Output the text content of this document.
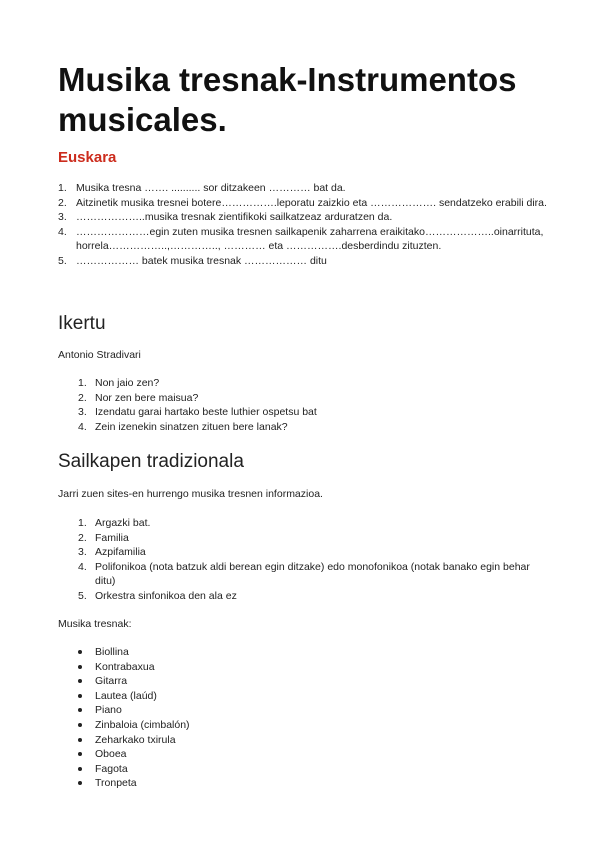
Musika tresnak-Instrumentos musicales.
Euskara
1. Musika tresna ……. .......... sor ditzakeen ………… bat da.
2. Aitzinetik musika tresnei botere…………….leporatu zaizkio eta ………………. sendatzeko erabili dira.
3. ………………..musika tresnak zientifikoki sailkatzeaz arduratzen da.
4. …………………egin zuten musika tresnen sailkapenik zaharrena eraikitako………………..oinarrituta, horrela……………..,………….., ………… eta …………….desberdindu zituzten.
5. ……………… batek musika tresnak ……………… ditu
Ikertu

Antonio Stradivari

1. Non jaio zen?
2. Nor zen bere maisua?
3. Izendatu garai hartako beste luthier ospetsu bat
4. Zein izenekin sinatzen zituen bere lanak?
Sailkapen tradizionala

Jarri zuen sites-en hurrengo musika tresnen informazioa.

1. Argazki bat.
2. Familia
3. Azpifamilia
4. Polifonikoa (nota batzuk aldi berean egin ditzake) edo monofonikoa (notak banako egin behar ditu)
5. Orkestra sinfonikoa den ala ez

Musika tresnak:

Biollina
Kontrabaxua
Gitarra
Lautea (laúd)
Piano
Zinbaloia (cimbalón)
Zeharkako txirula
Oboea
Fagota
Tronpeta
